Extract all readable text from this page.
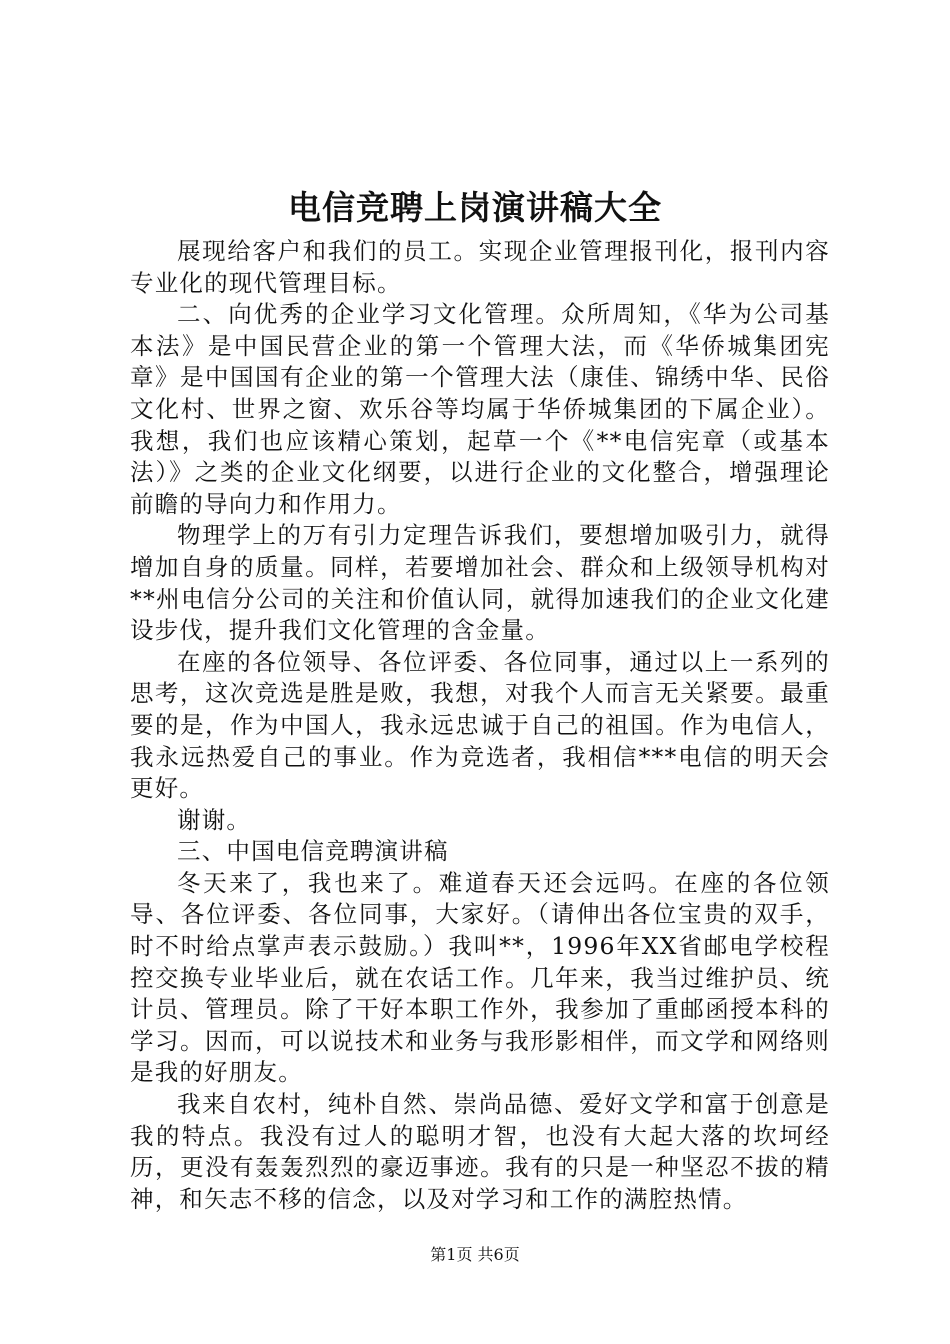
电信竞聘上岗演讲稿大全

展现给客户和我们的员工。实现企业管理报刊化，报刊内容专业化的现代管理目标。

二、向优秀的企业学习文化管理。众所周知，《华为公司基本法》是中国民营企业的第一个管理大法，而《华侨城集团宪章》是中国国有企业的第一个管理大法（康佳、锦绣中华、民俗文化村、世界之窗、欢乐谷等均属于华侨城集团的下属企业）。我想，我们也应该精心策划，起草一个《**电信宪章（或基本法）》之类的企业文化纲要，以进行企业的文化整合，增强理论前瞻的导向力和作用力。

物理学上的万有引力定理告诉我们，要想增加吸引力，就得增加自身的质量。同样，若要增加社会、群众和上级领导机构对**州电信分公司的关注和价值认同，就得加速我们的企业文化建设步伐，提升我们文化管理的含金量。

在座的各位领导、各位评委、各位同事，通过以上一系列的思考，这次竞选是胜是败，我想，对我个人而言无关紧要。最重要的是，作为中国人，我永远忠诚于自己的祖国。作为电信人，我永远热爱自己的事业。作为竞选者，我相信***电信的明天会更好。

谢谢。

三、中国电信竞聘演讲稿

冬天来了，我也来了。难道春天还会远吗。在座的各位领导、各位评委、各位同事，大家好。（请伸出各位宝贵的双手，时不时给点掌声表示鼓励。）我叫**，1996年XX省邮电学校程控交换专业毕业后，就在农话工作。几年来，我当过维护员、统计员、管理员。除了干好本职工作外，我参加了重邮函授本科的学习。因而，可以说技术和业务与我形影相伴，而文学和网络则是我的好朋友。

我来自农村，纯朴自然、崇尚品德、爱好文学和富于创意是我的特点。我没有过人的聪明才智，也没有大起大落的坎坷经历，更没有轰轰烈烈的豪迈事迹。我有的只是一种坚忍不拔的精神，和矢志不移的信念，以及对学习和工作的满腔热情。

第1页 共6页
